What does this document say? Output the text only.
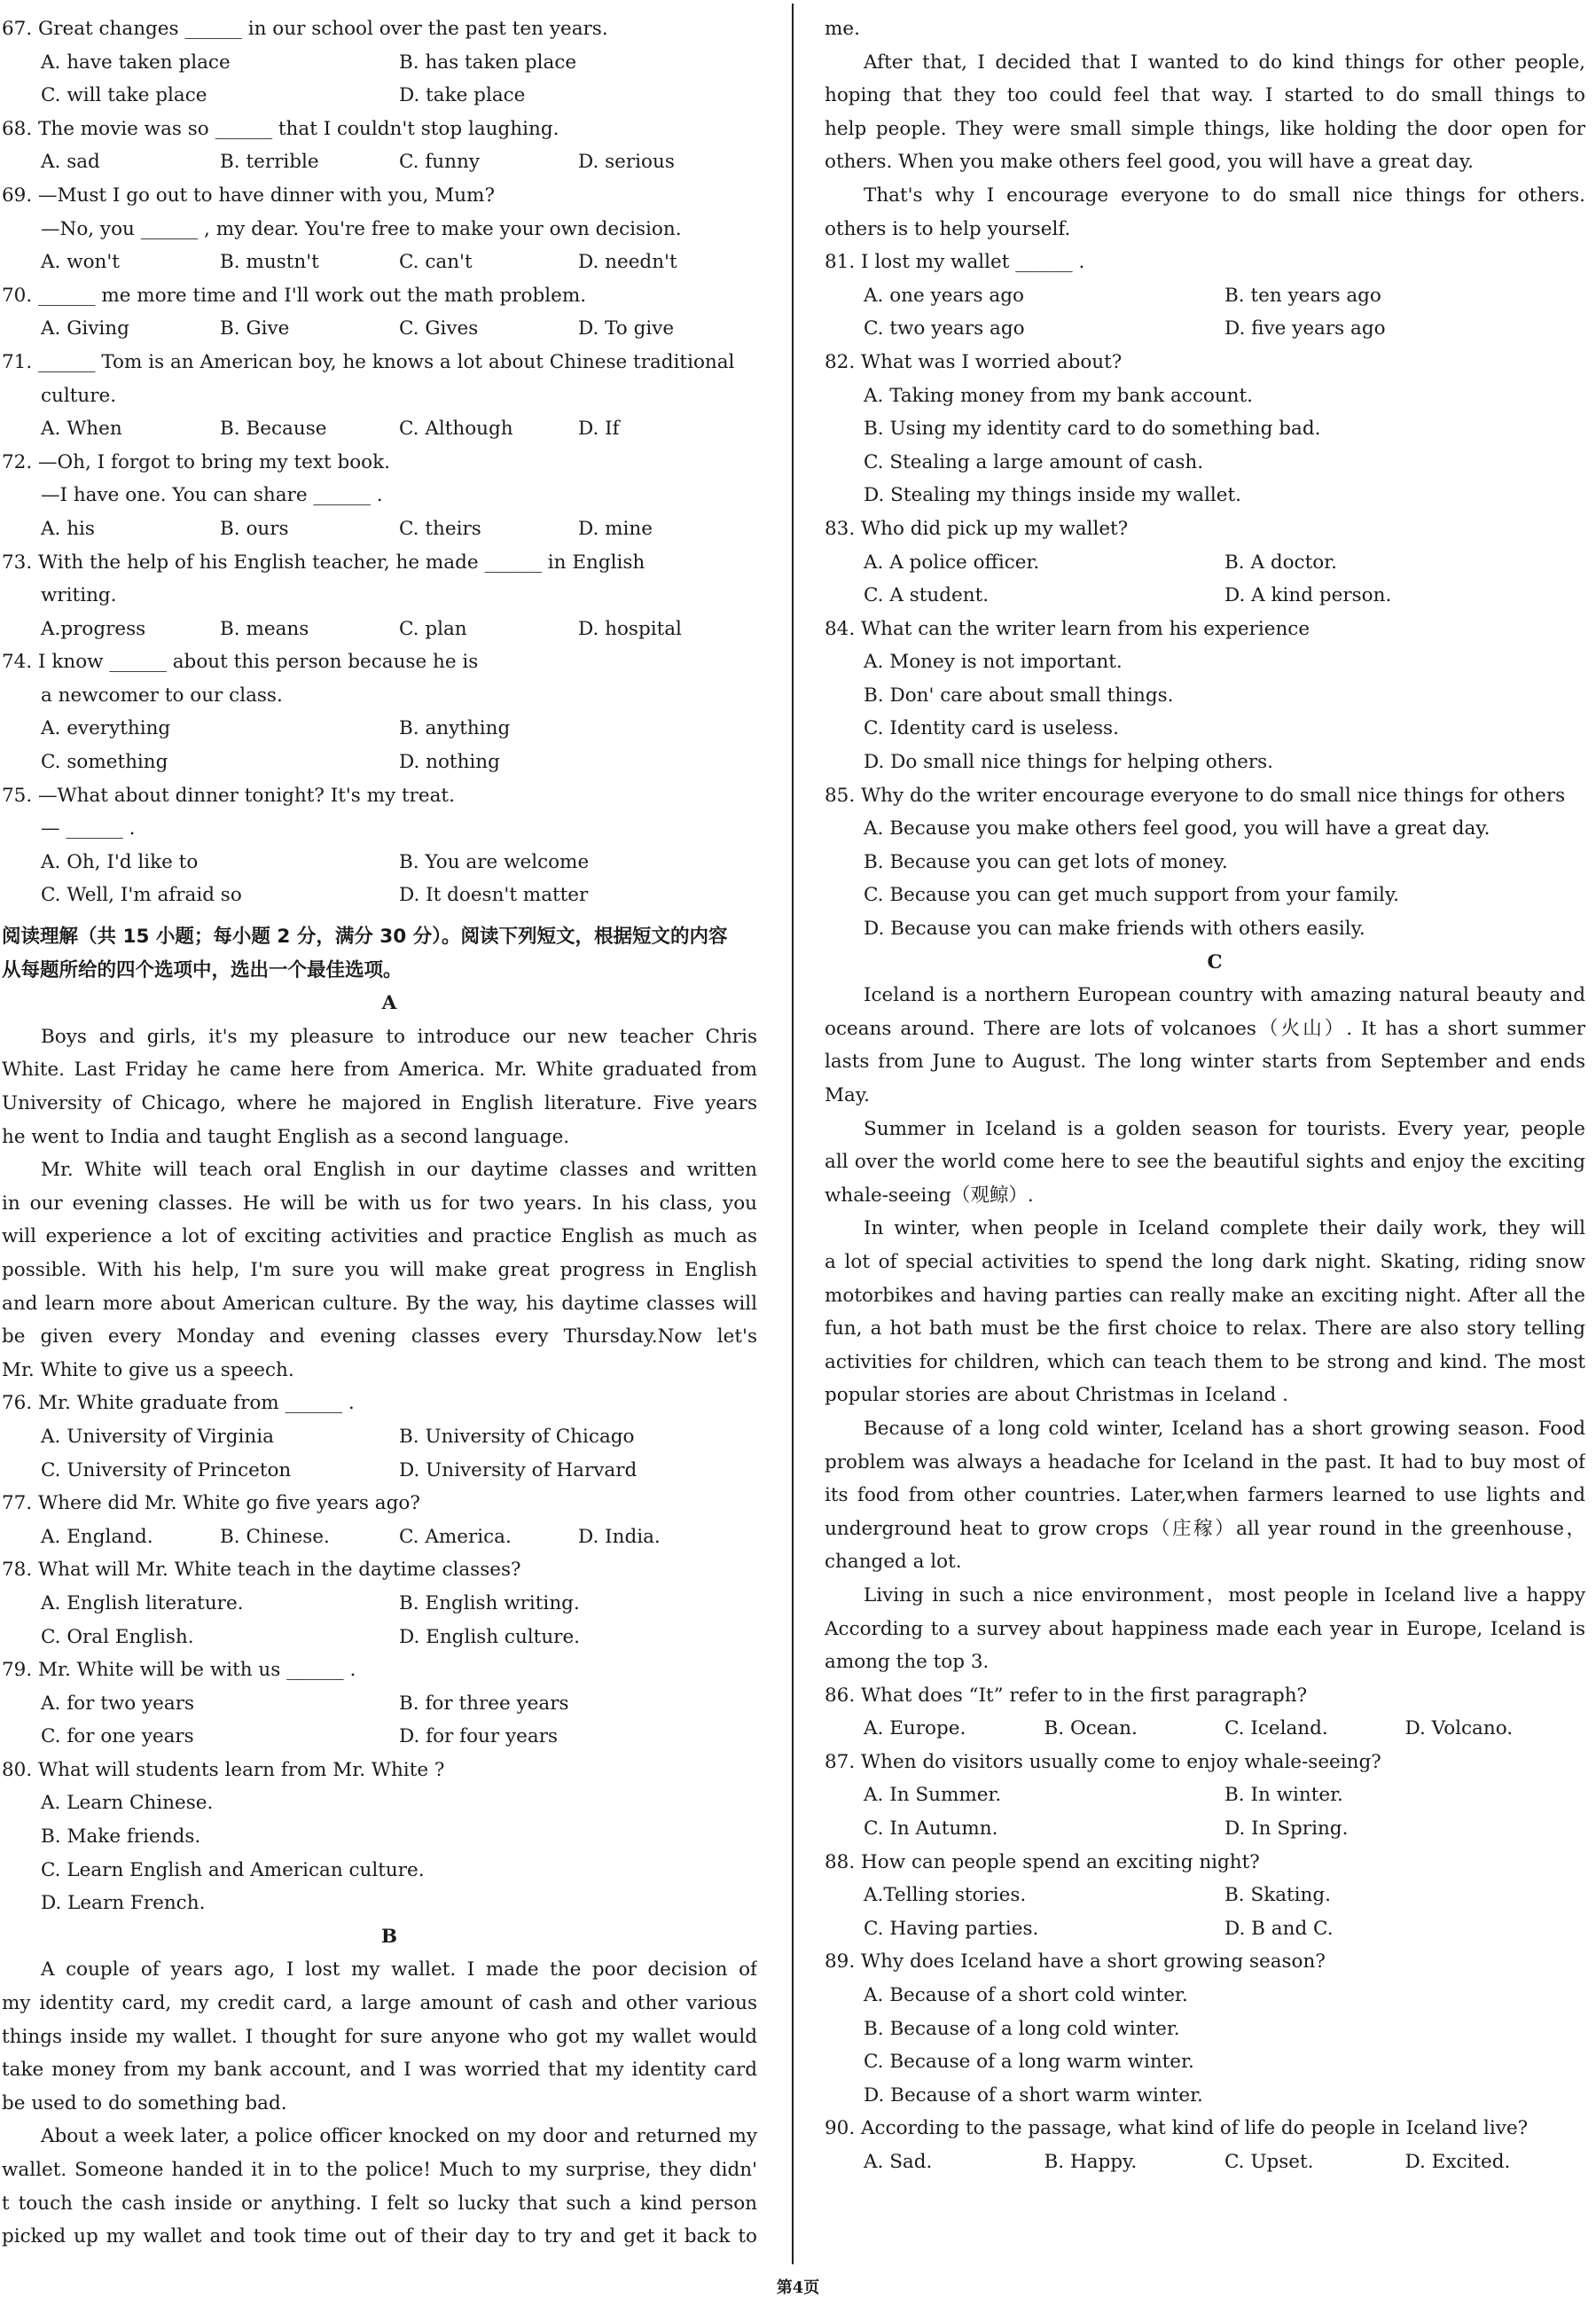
67. Great changes ______ in our school over the past ten years.
A. have taken place	B. has taken place
C. will take place	D. take place
68. The movie was so ______ that I couldn't stop laughing.
A. sad	B. terrible	C. funny	D. serious
69. —Must I go out to have dinner with you, Mum?
—No, you ______ , my dear. You're free to make your own decision.
A. won't	B. mustn't	C. can't	D. needn't
70. ______ me more time and I'll work out the math problem.
A. Giving	B. Give	C. Gives	D. To give
71. ______ Tom is an American boy, he knows a lot about Chinese traditional
culture.
A. When	B. Because	C. Although	D. If
72. —Oh, I forgot to bring my text book.
—I have one. You can share ______ .
A. his	B. ours	C. theirs	D. mine
73. With the help of his English teacher, he made ______ in English
writing.
A.progress	B. means	C. plan	D. hospital
74. I know ______ about this person because he is
a newcomer to our class.
A. everything	B. anything
C. something	D. nothing
75. —What about dinner tonight? It's my treat.
— ______ .
A. Oh, I'd like to	B. You are welcome
C. Well, I'm afraid so	D. It doesn't matter
阅读理解（共 15 小题；每小题 2 分，满分 30 分）。阅读下列短文，根据短文的内容
从每题所给的四个选项中，选出一个最佳选项。
A
Boys and girls, it's my pleasure to introduce our new teacher Chris
White. Last Friday he came here from America. Mr. White graduated from
University of Chicago, where he majored in English literature. Five years
he went to India and taught English as a second language.
Mr. White will teach oral English in our daytime classes and written
in our evening classes. He will be with us for two years. In his class, you
will experience a lot of exciting activities and practice English as much as
possible. With his help, I'm sure you will make great progress in English
and learn more about American culture. By the way, his daytime classes will
be given every Monday and evening classes every Thursday.Now let's
Mr. White to give us a speech.
76. Mr. White graduate from ______ .
A. University of Virginia	B. University of Chicago
C. University of Princeton	D. University of Harvard
77. Where did Mr. White go five years ago?
A. England.	B. Chinese.	C. America.	D. India.
78. What will Mr. White teach in the daytime classes?
A. English literature.	B. English writing.
C. Oral English.	D. English culture.
79. Mr. White will be with us ______ .
A. for two years	B. for three years
C. for one years	D. for four years
80. What will students learn from Mr. White ?
A. Learn Chinese.
B. Make friends.
C. Learn English and American culture.
D. Learn French.
B
A couple of years ago, I lost my wallet. I made the poor decision of
my identity card, my credit card, a large amount of cash and other various
things inside my wallet. I thought for sure anyone who got my wallet would
take money from my bank account, and I was worried that my identity card
be used to do something bad.
About a week later, a police officer knocked on my door and returned my
wallet. Someone handed it in to the police! Much to my surprise, they didn'
t touch the cash inside or anything. I felt so lucky that such a kind person
picked up my wallet and took time out of their day to try and get it back to
me.
After that, I decided that I wanted to do kind things for other people,
hoping that they too could feel that way. I started to do small things to
help people. They were small simple things, like holding the door open for
others. When you make others feel good, you will have a great day.
That's why I encourage everyone to do small nice things for others.
others is to help yourself.
81. I lost my wallet ______ .
A. one years ago	B. ten years ago
C. two years ago	D. five years ago
82. What was I worried about?
A. Taking money from my bank account.
B. Using my identity card to do something bad.
C. Stealing a large amount of cash.
D. Stealing my things inside my wallet.
83. Who did pick up my wallet?
A. A police officer.	B. A doctor.
C. A student.	D. A kind person.
84. What can the writer learn from his experience
A. Money is not important.
B. Don' care about small things.
C. Identity card is useless.
D. Do small nice things for helping others.
85. Why do the writer encourage everyone to do small nice things for others
A. Because you make others feel good, you will have a great day.
B. Because you can get lots of money.
C. Because you can get much support from your family.
D. Because you can make friends with others easily.
C
Iceland is a northern European country with amazing natural beauty and
oceans around. There are lots of volcanoes（火山）. It has a short summer
lasts from June to August. The long winter starts from September and ends
May.
Summer in Iceland is a golden season for tourists. Every year, people
all over the world come here to see the beautiful sights and enjoy the exciting
whale-seeing（观鲸）.
In winter, when people in Iceland complete their daily work, they will
a lot of special activities to spend the long dark night. Skating, riding snow
motorbikes and having parties can really make an exciting night. After all the
fun, a hot bath must be the first choice to relax. There are also story telling
activities for children, which can teach them to be strong and kind. The most
popular stories are about Christmas in Iceland .
Because of a long cold winter, Iceland has a short growing season. Food
problem was always a headache for Iceland in the past. It had to buy most of
its food from other countries. Later,when farmers learned to use lights and
underground heat to grow crops（庄稼）all year round in the greenhouse，
changed a lot.
Living in such a nice environment，most people in Iceland live a happy
According to a survey about happiness made each year in Europe, Iceland is
among the top 3.
86. What does “It” refer to in the first paragraph?
A. Europe.	B. Ocean.	C. Iceland.	D. Volcano.
87. When do visitors usually come to enjoy whale-seeing?
A. In Summer.	B. In winter.
C. In Autumn.	D. In Spring.
88. How can people spend an exciting night?
A.Telling stories.	B. Skating.
C. Having parties.	D. B and C.
89. Why does Iceland have a short growing season?
A. Because of a short cold winter.
B. Because of a long cold winter.
C. Because of a long warm winter.
D. Because of a short warm winter.
90. According to the passage, what kind of life do people in Iceland live?
A. Sad.	B. Happy.	C. Upset.	D. Excited.
第4页
